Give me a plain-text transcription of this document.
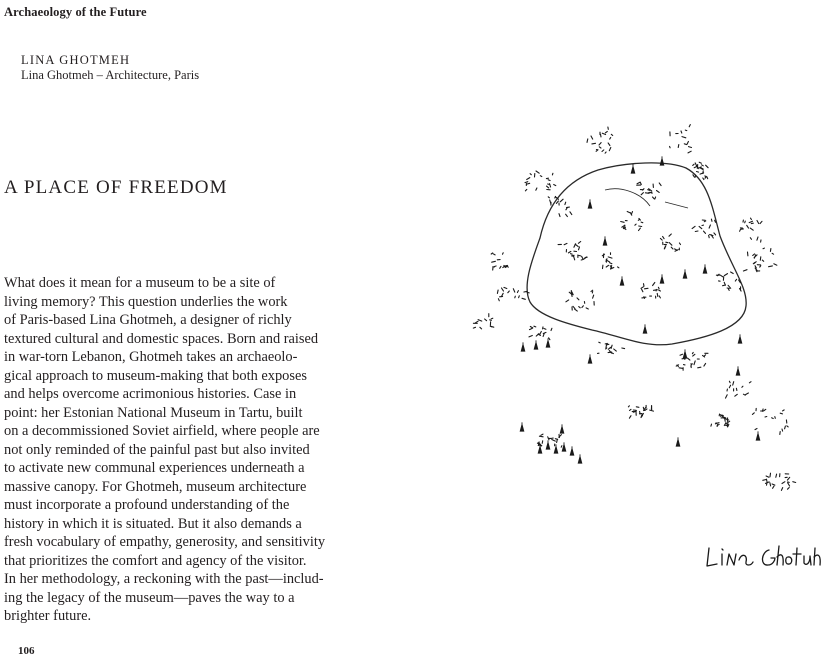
Archaeology of the Future
LINA GHOTMEH
Lina Ghotmeh – Architecture, Paris
A PLACE OF FREEDOM
What does it mean for a museum to be a site of
living memory? This question underlies the work
of Paris-based Lina Ghotmeh, a designer of richly
textured cultural and domestic spaces. Born and raised
in war-torn Lebanon, Ghotmeh takes an archaeolo-
gical approach to museum-making that both exposes
and helps overcome acrimonious histories. Case in
point: her Estonian National Museum in Tartu, built
on a decommissioned Soviet airfield, where people are
not only reminded of the painful past but also invited
to activate new communal experiences underneath a
massive canopy. For Ghotmeh, museum architecture
must incorporate a profound understanding of the
history in which it is situated. But it also demands a
fresh vocabulary of empathy, generosity, and sensitivity
that prioritizes the comfort and agency of the visitor.
In her methodology, a reckoning with the past—includ-
ing the legacy of the museum—paves the way to a
brighter future.
106
